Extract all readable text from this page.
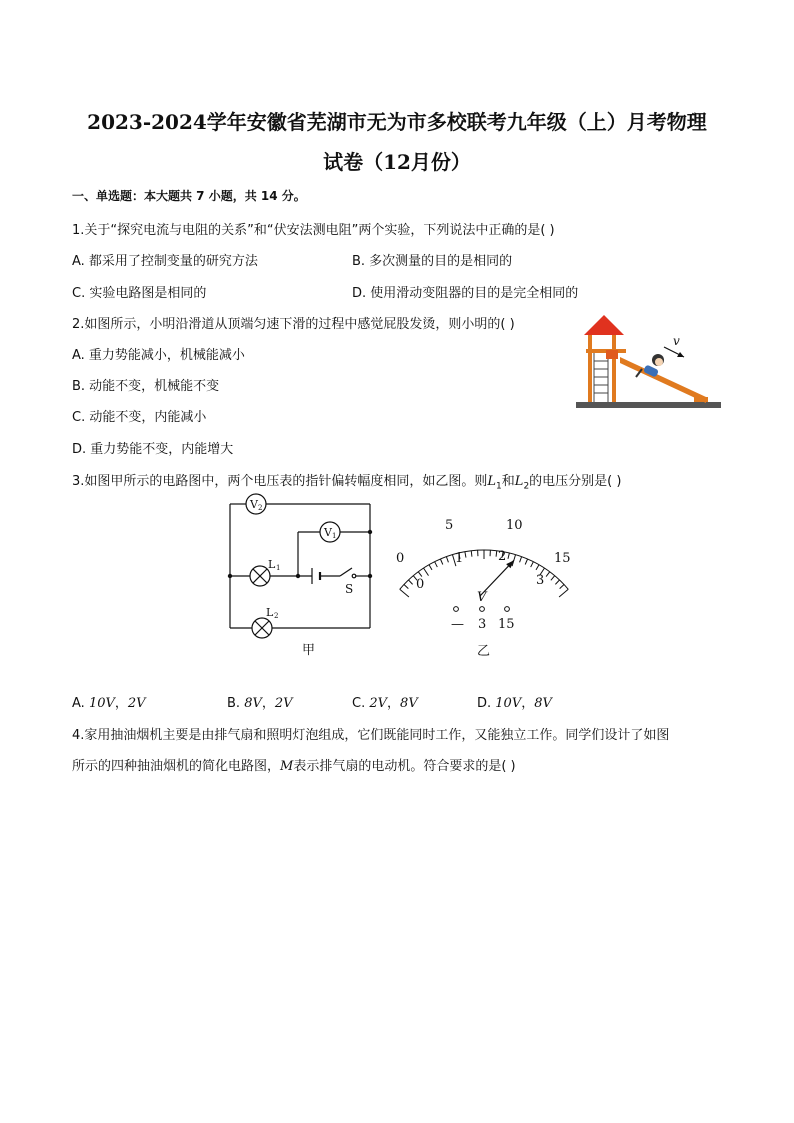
2023-2024学年安徽省芜湖市无为市多校联考九年级（上）月考物理
试卷（12月份）
一、单选题：本大题共 7 小题，共 14 分。
1.关于“探究电流与电阻的关系”和“伏安法测电阻”两个实验，下列说法中正确的是( )
A. 都采用了控制变量的研究方法	B. 多次测量的目的是相同的
C. 实验电路图是相同的	D. 使用滑动变阻器的目的是完全相同的
2.如图所示，小明沿滑道从顶端匀速下滑的过程中感觉屁股发烫，则小明的( )
A. 重力势能减小，机械能减小
B. 动能不变，机械能不变
C. 动能不变，内能减小
D. 重力势能不变，内能增大
v
3.如图甲所示的电路图中，两个电压表的指针偏转幅度相同，如乙图。则$L_1$和$L_2$的电压分别是( )
V 2
V 1
L 1
S
L 2
甲
0
5	10
15
0
1	2
3
V
— 3 15
乙
A. 10V，2V	B. 8V，2V	C. 2V，8V	D. 10V，8V
4.家用抽油烟机主要是由排气扇和照明灯泡组成，它们既能同时工作，又能独立工作。同学们设计了如图
所示的四种抽油烟机的简化电路图，M表示排气扇的电动机。符合要求的是( )
